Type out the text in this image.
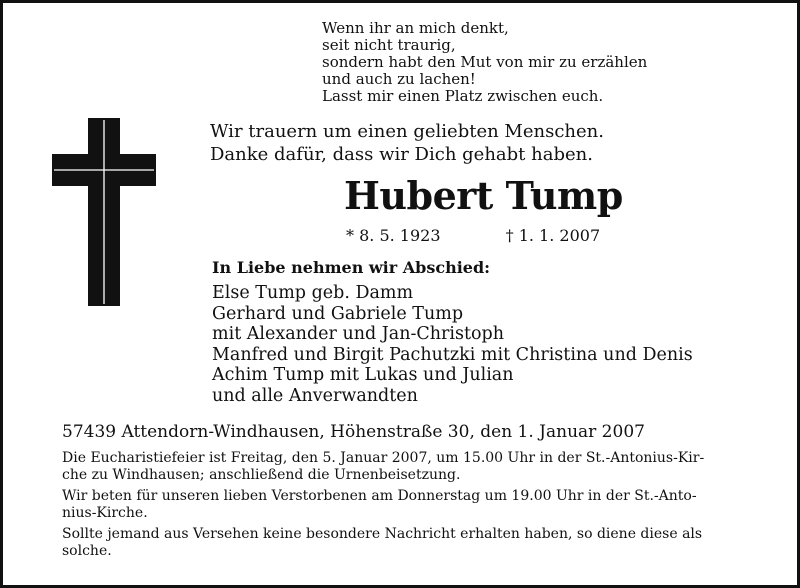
Wenn ihr an mich denkt,
seit nicht traurig,
sondern habt den Mut von mir zu erzählen
und auch zu lachen!
Lasst mir einen Platz zwischen euch.
Wir trauern um einen geliebten Menschen.
Danke dafür, dass wir Dich gehabt haben.
Hubert Tump
* 8. 5. 1923	† 1. 1. 2007
In Liebe nehmen wir Abschied:
Else Tump geb. Damm
Gerhard und Gabriele Tump
mit Alexander und Jan-Christoph
Manfred und Birgit Pachutzki mit Christina und Denis
Achim Tump mit Lukas und Julian
und alle Anverwandten
57439 Attendorn-Windhausen, Höhenstraße 30, den 1. Januar 2007
Die Eucharistiefeier ist Freitag, den 5. Januar 2007, um 15.00 Uhr in der St.-Antonius-Kir-
che zu Windhausen; anschließend die Urnenbeisetzung.
Wir beten für unseren lieben Verstorbenen am Donnerstag um 19.00 Uhr in der St.-Anto-
nius-Kirche.
Sollte jemand aus Versehen keine besondere Nachricht erhalten haben, so diene diese als
solche.
